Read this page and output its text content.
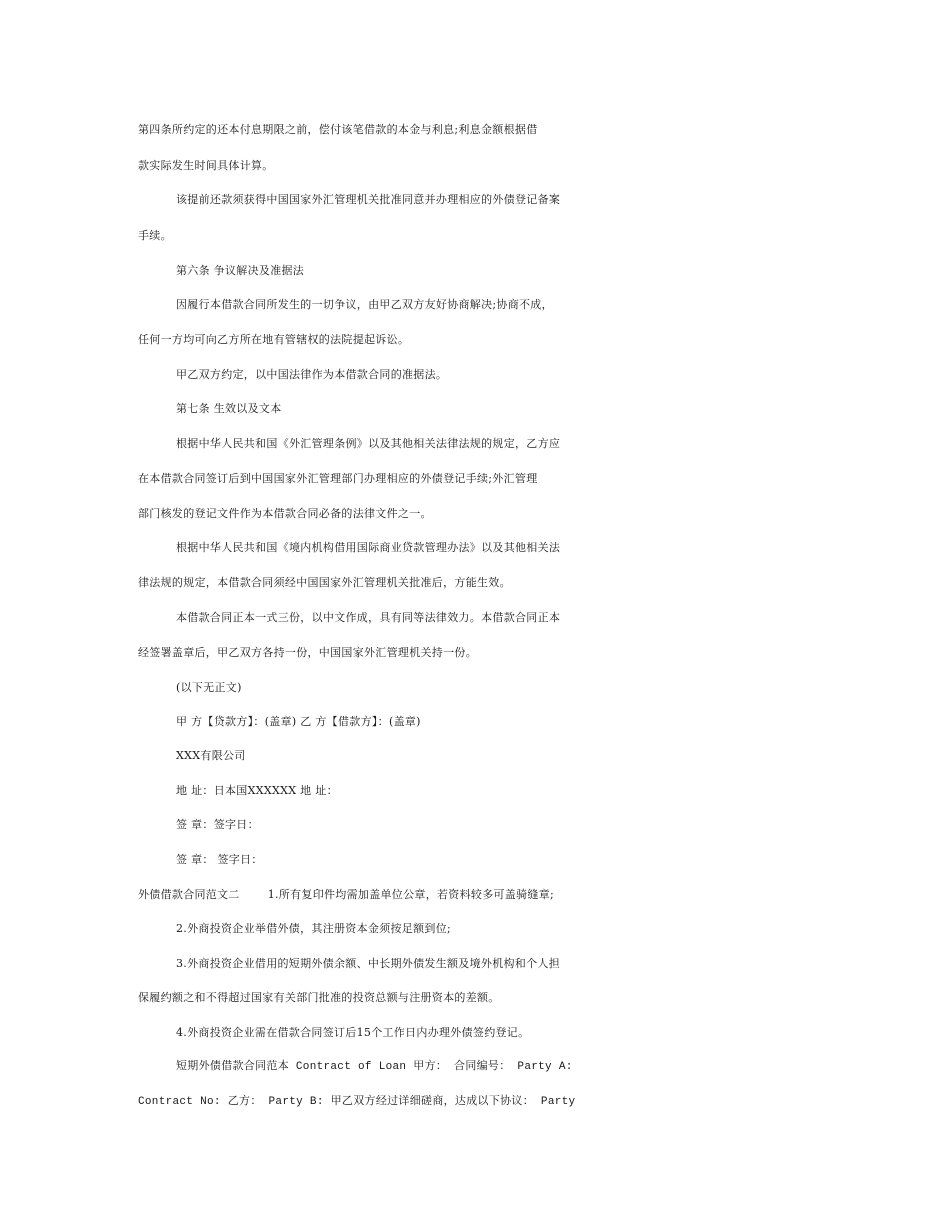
第四条所约定的还本付息期限之前，偿付该笔借款的本金与利息;利息金额根据借
款实际发生时间具体计算。
该提前还款须获得中国国家外汇管理机关批准同意并办理相应的外债登记备案
手续。
第六条 争议解决及准据法
因履行本借款合同所发生的一切争议，由甲乙双方友好协商解决;协商不成，
任何一方均可向乙方所在地有管辖权的法院提起诉讼。
甲乙双方约定，以中国法律作为本借款合同的准据法。
第七条 生效以及文本
根据中华人民共和国《外汇管理条例》以及其他相关法律法规的规定，乙方应
在本借款合同签订后到中国国家外汇管理部门办理相应的外债登记手续;外汇管理
部门核发的登记文件作为本借款合同必备的法律文件之一。
根据中华人民共和国《境内机构借用国际商业贷款管理办法》以及其他相关法
律法规的规定，本借款合同须经中国国家外汇管理机关批准后，方能生效。
本借款合同正本一式三份，以中文作成，具有同等法律效力。本借款合同正本
经签署盖章后，甲乙双方各持一份，中国国家外汇管理机关持一份。
(以下无正文)
甲 方【贷款方】：(盖章) 乙 方【借款方】：(盖章)
XXX有限公司
地 址：日本国XXXXXX 地 址：
签 章：签字日：
签 章： 签字日：
外债借款合同范文二	1.所有复印件均需加盖单位公章，若资料较多可盖骑缝章;
2.外商投资企业举借外债，其注册资本金须按足额到位;
3.外商投资企业借用的短期外债余额、中长期外债发生额及境外机构和个人担
保履约额之和不得超过国家有关部门批准的投资总额与注册资本的差额。
4.外商投资企业需在借款合同签订后15个工作日内办理外债签约登记。
短期外债借款合同范本 Contract of Loan 甲方： 合同编号： Party A:
Contract No: 乙方： Party B: 甲乙双方经过详细磋商，达成以下协议： Party
